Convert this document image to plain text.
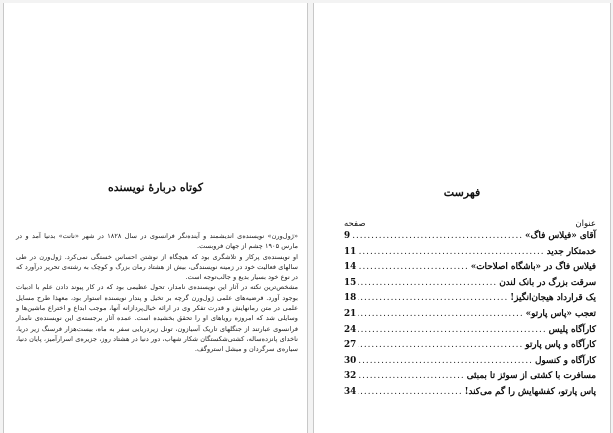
کوتاه دربارهٔ نویسنده

«ژول‌ورن» نویسنده‌ی اندیشمند و آینده‌نگر فرانسوی در سال ۱۸۲۸ در شهر «نانت» بدنیا آمد و در مارس ۱۹۰۵ چشم از جهان فروبست.

او نویسنده‌ی پرکار و تلاشگری بود که هیچگاه از نوشتن احساس خستگی نمی‌کرد. ژول‌ورن در طی سالهای فعالیت خود در زمینه نویسندگی، بیش از هشتاد رمان بزرگ و کوچک به رشته‌ی تحریر درآورد که در نوع خود بسیار بدیع و جالب‌توجه است.

مشخص‌ترین نکته در آثار این نویسنده‌ی نامدار، تحول عظیمی بود که در کار پیوند دادن علم با ادبیات بوجود آورد. فرضیه‌های علمی ژول‌ورن گرچه بر تخیل و پندار نویسنده استوار بود، معهذا طرح مسایل علمی در متن رمانهایش و قدرت تفکر وی در ارائه خیال‌پردازانه آنها، موجب ابداع و اختراع ماشین‌ها و وسایلی شد که امروزه رویاهای او را تحقق بخشیده است. عمده آثار برجسته‌ی این نویسنده‌ی نامدار فرانسوی عبارتند از جنگلهای تاریک آسیازون، تونل زیردریایی سفر به ماه، بیست‌هزار فرسنگ زیر دریا، ناخدای پانزده‌ساله، کشتی‌شکستگان شکار شهاب، دور دنیا در هشتاد روز، جزیره‌ی اسرارآمیز، پایان دنیا، سیاره‌ی سرگردان و میشل استروگف.

فهرست
عنوان
صفحه
آقای «فیلاس فاگ»
.....
9
خدمتکار جدید
.....
11
فیلاس فاگ در «باشگاه اصلاحات»
.....
14
سرقت بزرگ در بانک لندن
.....
15
یک قرارداد هیجان‌انگیز!
.....
18
تعجب «پاس پارتو»
.....
21
کارآگاه پلیس
.....
24
کارآگاه و پاس پارتو
.....
27
کارآگاه و کنسول
.....
30
مسافرت با کشتی از سوئز تا بمبئی
.....
32
پاس پارتو، کفشهایش را گم می‌کند!
.....
34
